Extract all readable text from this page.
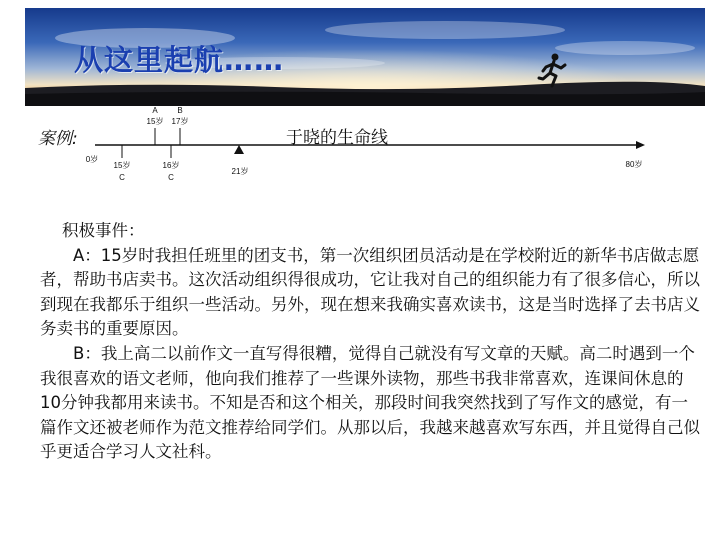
从这里起航……
案例:	于晓的生命线
A
15岁
B
17岁
0岁
15岁
C
16岁
C
21岁
80岁

积极事件：

A：15岁时我担任班里的团支书，第一次组织团员活动是在学校附近的新华书店做志愿者，帮助书店卖书。这次活动组织得很成功，它让我对自己的组织能力有了很多信心，所以到现在我都乐于组织一些活动。另外，现在想来我确实喜欢读书，这是当时选择了去书店义务卖书的重要原因。

B：我上高二以前作文一直写得很糟，觉得自己就没有写文章的天赋。高二时遇到一个我很喜欢的语文老师，他向我们推荐了一些课外读物，那些书我非常喜欢，连课间休息的10分钟我都用来读书。不知是否和这个相关，那段时间我突然找到了写作文的感觉，有一篇作文还被老师作为范文推荐给同学们。从那以后，我越来越喜欢写东西，并且觉得自己似乎更适合学习人文社科。
